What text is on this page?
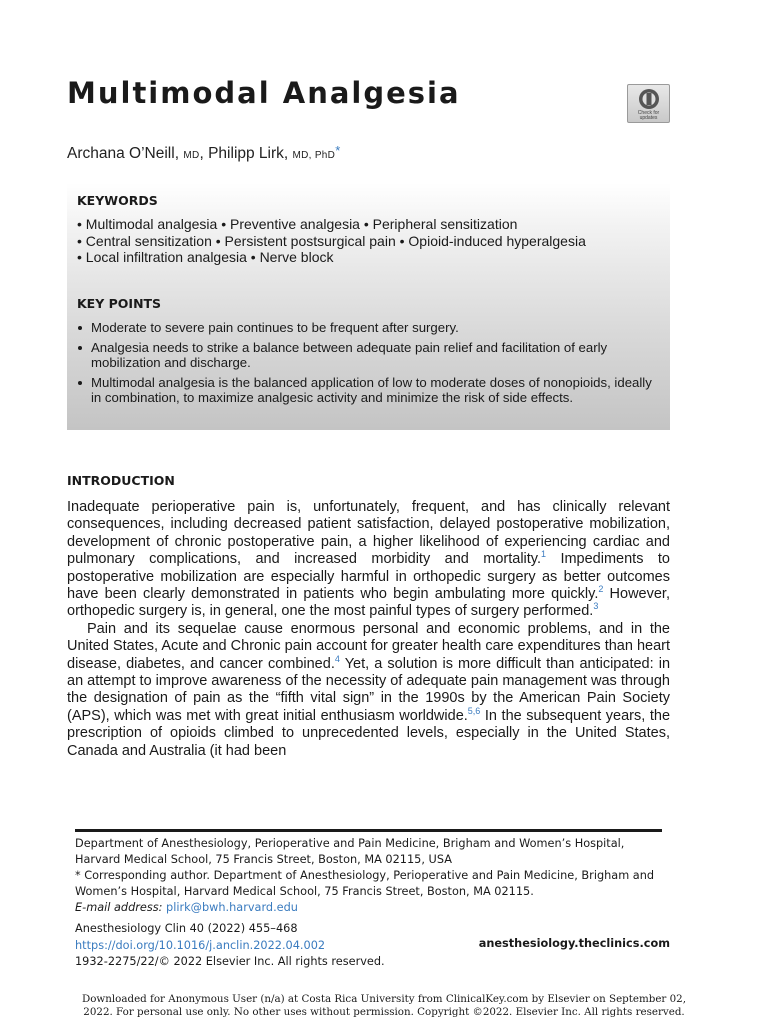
Multimodal Analgesia
Check for updates
Archana O’Neill, MD, Philipp Lirk, MD, PhD*
KEYWORDS
• Multimodal analgesia • Preventive analgesia • Peripheral sensitization
• Central sensitization • Persistent postsurgical pain • Opioid-induced hyperalgesia
• Local infiltration analgesia • Nerve block
KEY POINTS
Moderate to severe pain continues to be frequent after surgery.
Analgesia needs to strike a balance between adequate pain relief and facilitation of early mobilization and discharge.
Multimodal analgesia is the balanced application of low to moderate doses of nonopioids, ideally in combination, to maximize analgesic activity and minimize the risk of side effects.
INTRODUCTION

Inadequate perioperative pain is, unfortunately, frequent, and has clinically relevant consequences, including decreased patient satisfaction, delayed postoperative mobilization, development of chronic postoperative pain, a higher likelihood of experiencing cardiac and pulmonary complications, and increased morbidity and mortality.$^1$ Impediments to postoperative mobilization are especially harmful in orthopedic surgery as better outcomes have been clearly demonstrated in patients who begin ambulating more quickly.$^2$ However, orthopedic surgery is, in general, one the most painful types of surgery performed.$^3$

Pain and its sequelae cause enormous personal and economic problems, and in the United States, Acute and Chronic pain account for greater health care expenditures than heart disease, diabetes, and cancer combined.$^4$ Yet, a solution is more difficult than anticipated: in an attempt to improve awareness of the necessity of adequate pain management was through the designation of pain as the “fifth vital sign” in the 1990s by the American Pain Society (APS), which was met with great initial enthusiasm worldwide.$^{5,6}$ In the subsequent years, the prescription of opioids climbed to unprecedented levels, especially in the United States, Canada and Australia (it had been

Department of Anesthesiology, Perioperative and Pain Medicine, Brigham and Women’s Hospital, Harvard Medical School, 75 Francis Street, Boston, MA 02115, USA

* Corresponding author. Department of Anesthesiology, Perioperative and Pain Medicine, Brigham and Women’s Hospital, Harvard Medical School, 75 Francis Street, Boston, MA 02115.

E-mail address: plirk@bwh.harvard.edu

Anesthesiology Clin 40 (2022) 455–468

https://doi.org/10.1016/j.anclin.2022.04.002

1932-2275/22/© 2022 Elsevier Inc. All rights reserved.

anesthesiology.theclinics.com

Downloaded for Anonymous User (n/a) at Costa Rica University from ClinicalKey.com by Elsevier on September 02,

2022. For personal use only. No other uses without permission. Copyright ©2022. Elsevier Inc. All rights reserved.
